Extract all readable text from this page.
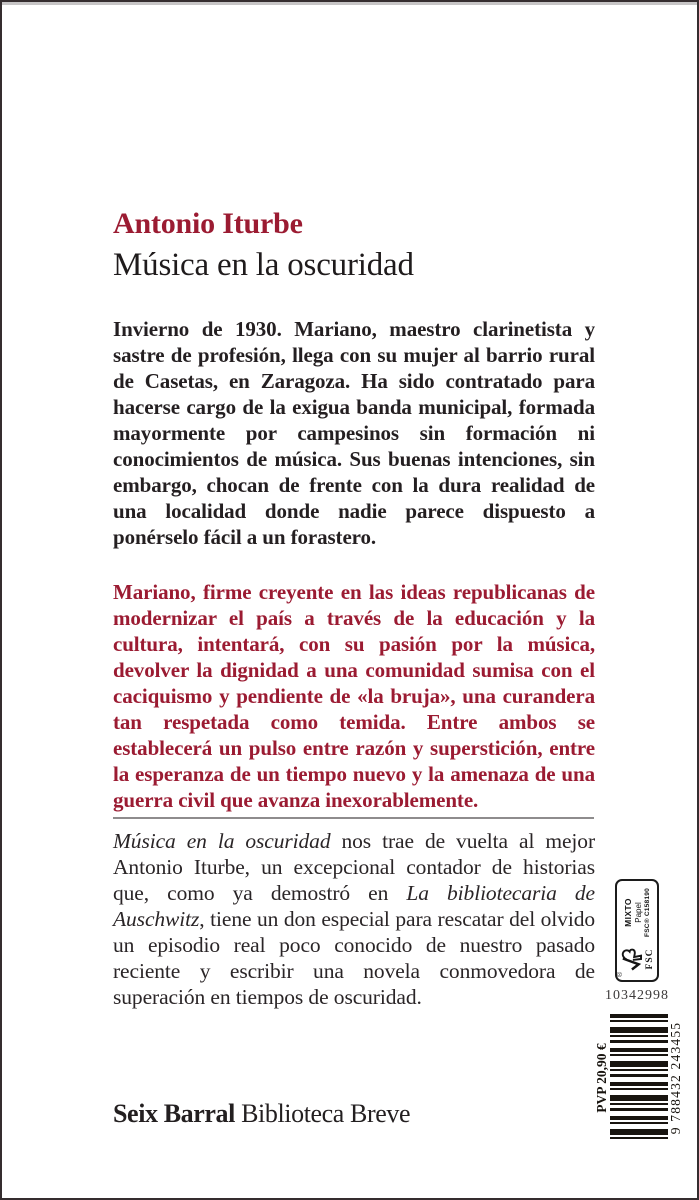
Antonio Iturbe
Música en la oscuridad
Invierno de 1930. Mariano, maestro clarinetista y sastre de profesión, llega con su mujer al barrio rural de Casetas, en Zaragoza. Ha sido contratado para hacerse cargo de la exigua banda municipal, formada mayormente por campesinos sin formación ni conocimientos de música. Sus buenas intenciones, sin embargo, chocan de frente con la dura realidad de una localidad donde nadie parece dispuesto a ponérselo fácil a un forastero.
Mariano, firme creyente en las ideas republicanas de modernizar el país a través de la educación y la cultura, intentará, con su pasión por la música, devolver la dignidad a una comunidad sumisa con el caciquismo y pendiente de «la bruja», una curandera tan respetada como temida. Entre ambos se establecerá un pulso entre razón y superstición, entre la esperanza de un tiempo nuevo y la amenaza de una guerra civil que avanza inexorablemente.
Música en la oscuridad nos trae de vuelta al mejor Antonio Iturbe, un excepcional contador de historias que, como ya demostró en La bibliotecaria de Auschwitz, tiene un don especial para rescatar del olvido un episodio real poco conocido de nuestro pasado reciente y escribir una novela conmovedora de superación en tiempos de oscuridad.
Seix Barral Biblioteca Breve
®
FSC
MIXTO Papel FSC® C158190
10342998
PVP 20,90 €	9 788432 243455
